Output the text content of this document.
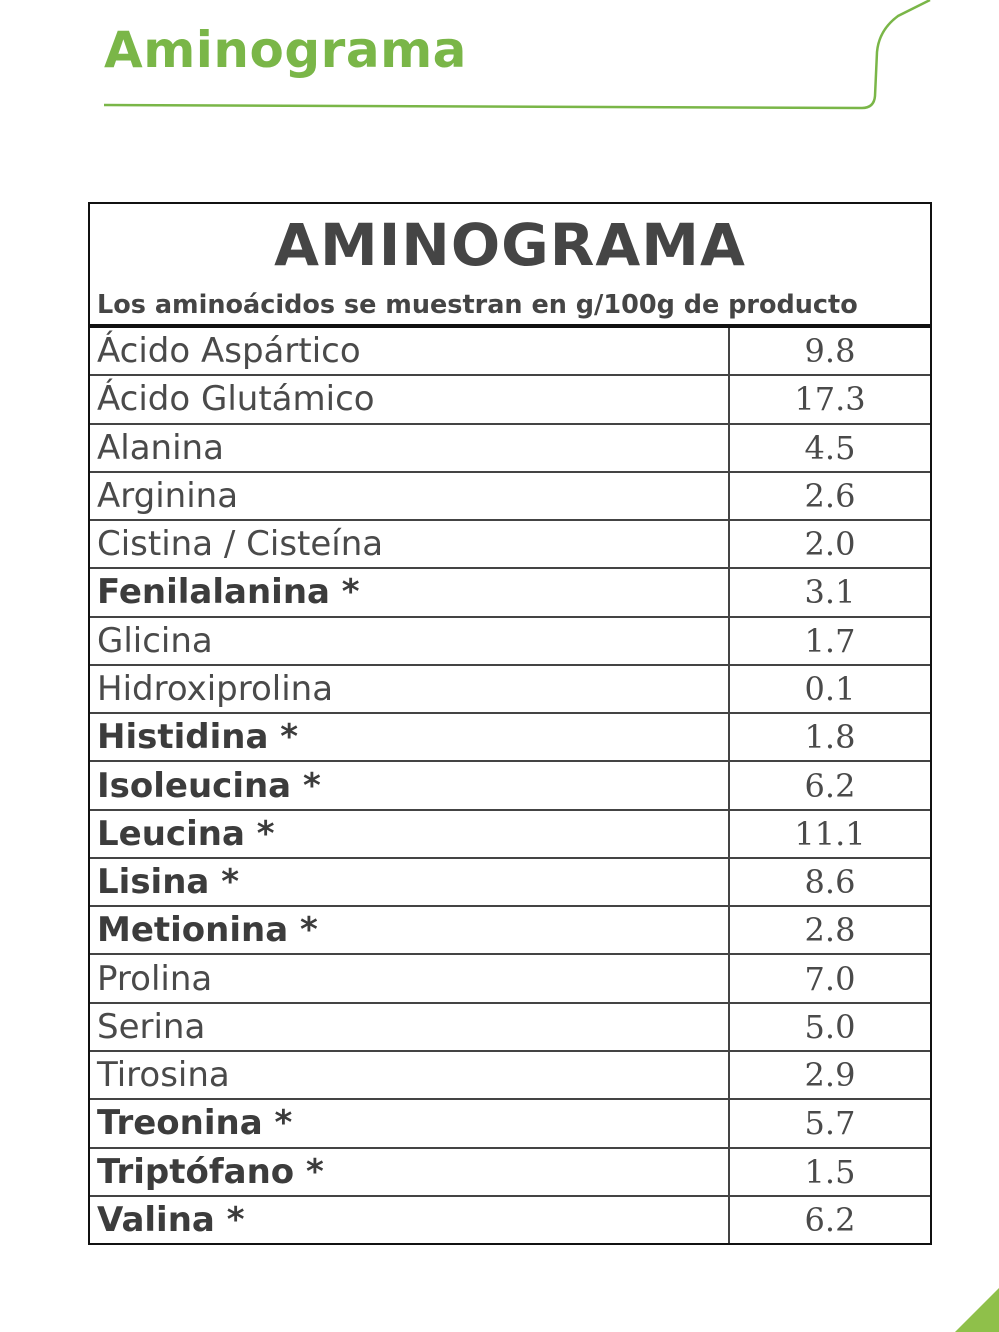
Aminograma
AMINOGRAMA
Los aminoácidos se muestran en g/100g de producto
Ácido Aspártico	9.8
Ácido Glutámico	17.3
Alanina	4.5
Arginina	2.6
Cistina / Cisteína	2.0
Fenilalanina *	3.1
Glicina	1.7
Hidroxiprolina	0.1
Histidina *	1.8
Isoleucina *	6.2
Leucina *	11.1
Lisina *	8.6
Metionina *	2.8
Prolina	7.0
Serina	5.0
Tirosina	2.9
Treonina *	5.7
Triptófano *	1.5
Valina *	6.2
